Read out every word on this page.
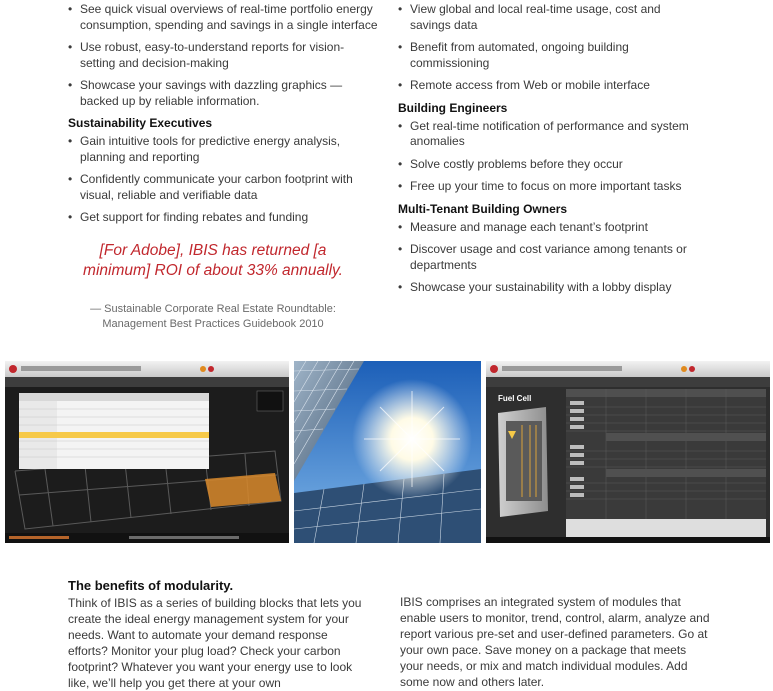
• See quick visual overviews of real-time portfolio energy consumption, spending and savings in a single interface
• Use robust, easy-to-understand reports for vision-setting and decision-making
• Showcase your savings with dazzling graphics — backed up by reliable information.
Sustainability Executives
• Gain intuitive tools for predictive energy analysis, planning and reporting
• Confidently communicate your carbon footprint with visual, reliable and verifiable data
• Get support for finding rebates and funding
[For Adobe], IBIS has returned [a minimum] ROI of about 33% annually.
— Sustainable Corporate Real Estate Roundtable: Management Best Practices Guidebook 2010
• View global and local real-time usage, cost and savings data
• Benefit from automated, ongoing building commissioning
• Remote access from Web or mobile interface
Building Engineers
• Get real-time notification of performance and system anomalies
• Solve costly problems before they occur
• Free up your time to focus on more important tasks
Multi-Tenant Building Owners
• Measure and manage each tenant’s footprint
• Discover usage and cost variance among tenants or departments
• Showcase your sustainability with a lobby display
Fuel Cell
The benefits of modularity.
Think of IBIS as a series of building blocks that lets you create the ideal energy management system for your needs. Want to automate your demand response efforts? Monitor your plug load? Check your carbon footprint? Whatever you want your energy use to look like, we’ll help you get there at your own
IBIS comprises an integrated system of modules that enable users to monitor, trend, control, alarm, analyze and report various pre-set and user-defined parameters. Go at your own pace. Save money on a package that meets your needs, or mix and match individual modules. Add some now and others later.
